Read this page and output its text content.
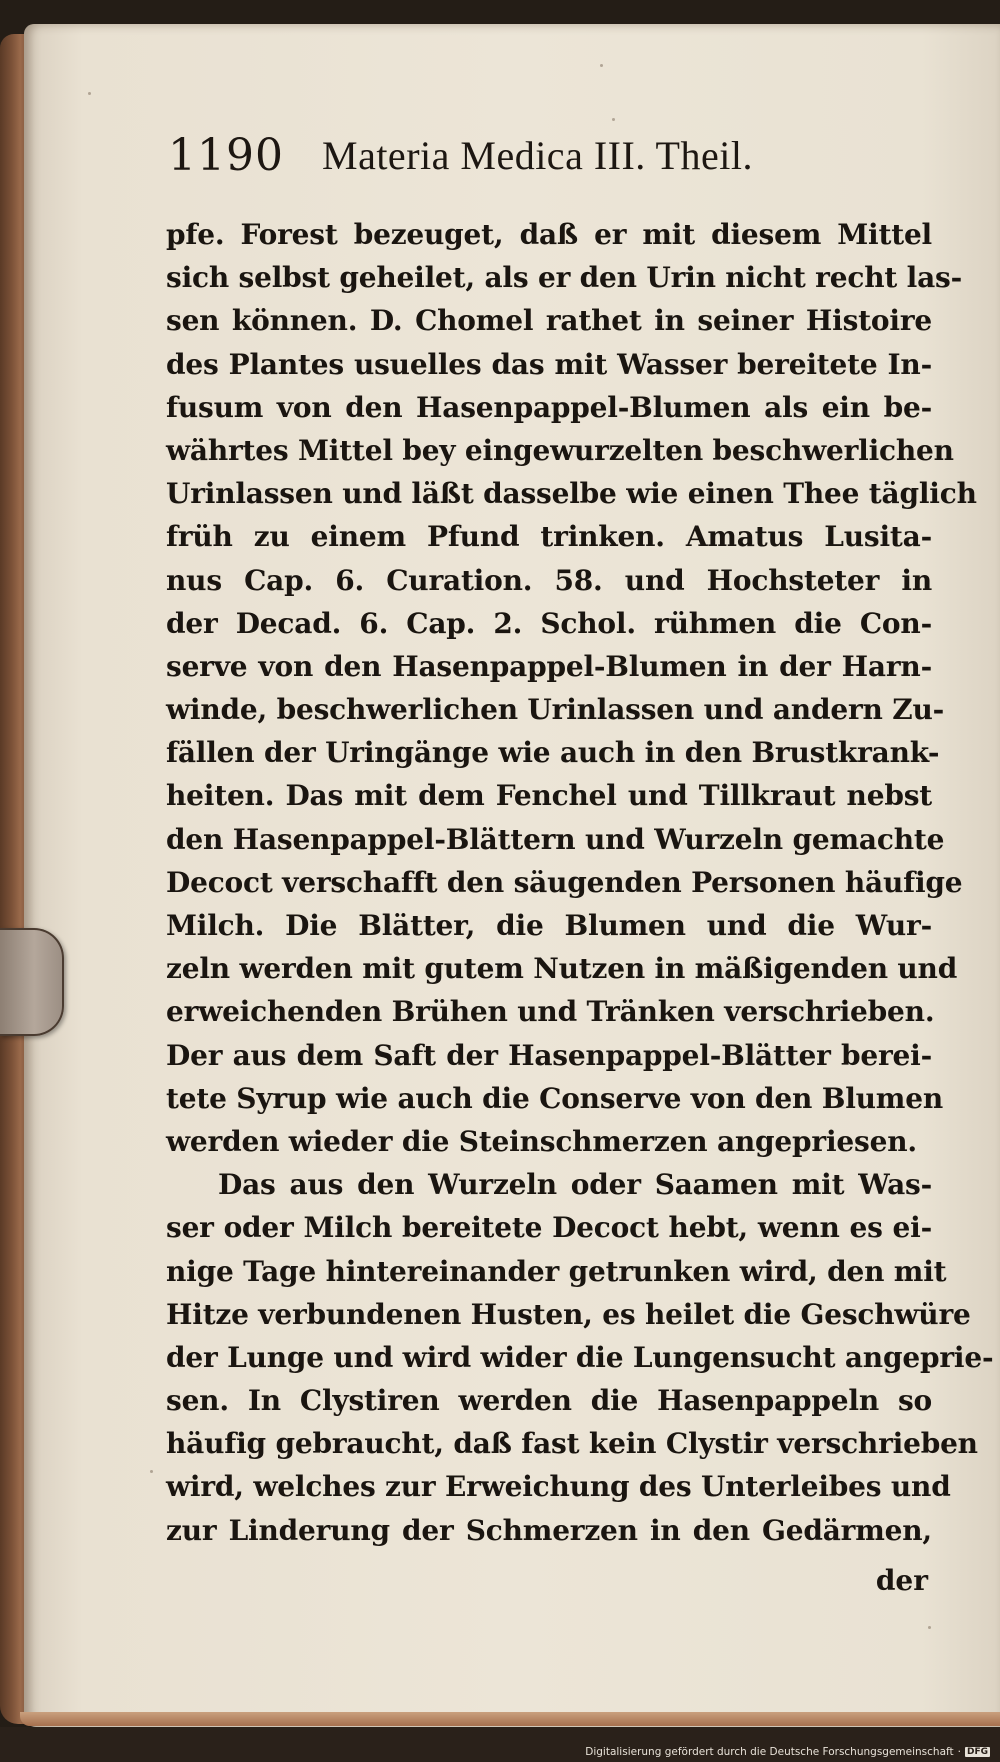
1190 Materia Medica III. Theil.
pfe. Forest bezeuget, daß er mit diesem Mittel
sich selbst geheilet, als er den Urin nicht recht las-
sen können. D. Chomel rathet in seiner Histoire
des Plantes usuelles das mit Wasser bereitete In-
fusum von den Hasenpappel-Blumen als ein be-
währtes Mittel bey eingewurzelten beschwerlichen
Urinlassen und läßt dasselbe wie einen Thee täglich
früh zu einem Pfund trinken. Amatus Lusita-
nus Cap. 6. Curation. 58. und Hochsteter in
der Decad. 6. Cap. 2. Schol. rühmen die Con-
serve von den Hasenpappel-Blumen in der Harn-
winde, beschwerlichen Urinlassen und andern Zu-
fällen der Uringänge wie auch in den Brustkrank-
heiten. Das mit dem Fenchel und Tillkraut nebst
den Hasenpappel-Blättern und Wurzeln gemachte
Decoct verschafft den säugenden Personen häufige
Milch. Die Blätter, die Blumen und die Wur-
zeln werden mit gutem Nutzen in mäßigenden und
erweichenden Brühen und Tränken verschrieben.
Der aus dem Saft der Hasenpappel-Blätter berei-
tete Syrup wie auch die Conserve von den Blumen
werden wieder die Steinschmerzen angepriesen.
Das aus den Wurzeln oder Saamen mit Was-
ser oder Milch bereitete Decoct hebt, wenn es ei-
nige Tage hintereinander getrunken wird, den mit
Hitze verbundenen Husten, es heilet die Geschwüre
der Lunge und wird wider die Lungensucht angeprie-
sen. In Clystiren werden die Hasenpappeln so
häufig gebraucht, daß fast kein Clystir verschrieben
wird, welches zur Erweichung des Unterleibes und
zur Linderung der Schmerzen in den Gedärmen,
der
Digitalisierung gefördert durch die Deutsche Forschungsgemeinschaft · DFG
